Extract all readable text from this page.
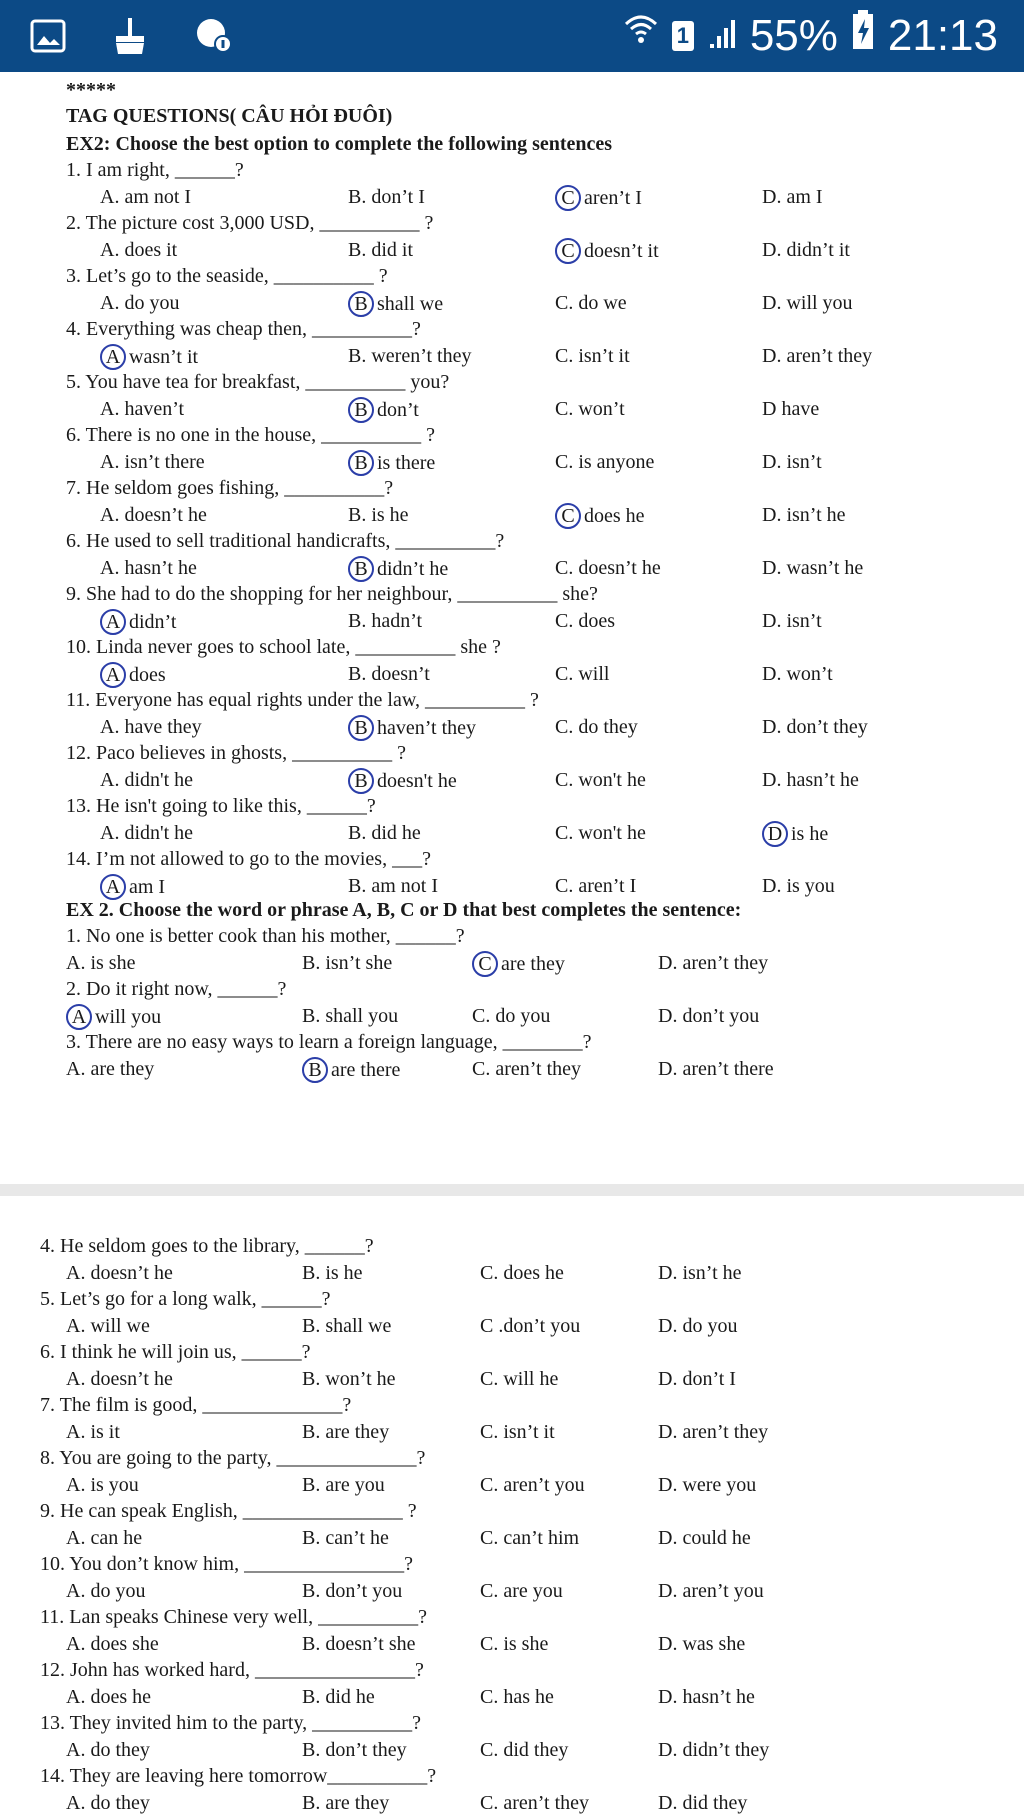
1 55% 21:13
*****
TAG QUESTIONS( CÂU HỎI ĐUÔI)
EX2: Choose the best option to complete the following sentences
1. I am right, ______?
A. am not I	B. don’t I	C aren’t I	D. am I
2. The picture cost 3,000 USD, __________ ?
A. does it	B. did it	C doesn’t it	D. didn’t it
3. Let’s go to the seaside, __________ ?
A. do you	B shall we	C. do we	D. will you
4. Everything was cheap then, __________?
A wasn’t it	B. weren’t they	C. isn’t it	D. aren’t they
5. You have tea for breakfast, __________ you?
A. haven’t	B don’t	C. won’t	D have
6. There is no one in the house, __________ ?
A. isn’t there	B is there	C. is anyone	D. isn’t
7. He seldom goes fishing, __________?
A. doesn’t he	B. is he	C does he	D. isn’t he
6. He used to sell traditional handicrafts, __________?
A. hasn’t he	B didn’t he	C. doesn’t he	D. wasn’t he
9. She had to do the shopping for her neighbour, __________ she?
A didn’t	B. hadn’t	C. does	D. isn’t
10. Linda never goes to school late, __________ she ?
A does	B. doesn’t	C. will	D. won’t
11. Everyone has equal rights under the law, __________ ?
A. have they	B haven’t they	C. do they	D. don’t they
12. Paco believes in ghosts, __________ ?
A. didn't he	B doesn't he	C. won't he	D. hasn’t he
13. He isn't going to like this, ______?
A. didn't he	B. did he	C. won't he	D is he
14. I’m not allowed to go to the movies, ___?
A am I	B. am not I	C. aren’t I	D. is you
EX 2. Choose the word or phrase A, B, C or D that best completes the sentence:
1. No one is better cook than his mother, ______?
A. is she	B. isn’t she	C are they	D. aren’t they
2. Do it right now, ______?
A will you	B. shall you	C. do you	D. don’t you
3. There are no easy ways to learn a foreign language, ________?
A. are they	B are there	C. aren’t they	D. aren’t there
4. He seldom goes to the library, ______?
A. doesn’t he	B. is he	C. does he	D. isn’t he
5. Let’s go for a long walk, ______?
A. will we	B. shall we	C .don’t you	D. do you
6. I think he will join us, ______?
A. doesn’t he	B. won’t he	C. will he	D. don’t I
7. The film is good, ______________?
A. is it	B. are they	C. isn’t it	D. aren’t they
8. You are going to the party, ______________?
A. is you	B. are you	C. aren’t you	D. were you
9. He can speak English, ________________ ?
A. can he	B. can’t he	C. can’t him	D. could he
10. You don’t know him, ________________?
A. do you	B. don’t you	C. are you	D. aren’t you
11. Lan speaks Chinese very well, __________?
A. does she	B. doesn’t she	C. is she	D. was she
12. John has worked hard, ________________?
A. does he	B. did he	C. has he	D. hasn’t he
13. They invited him to the party, __________?
A. do they	B. don’t they	C. did they	D. didn’t they
14. They are leaving here tomorrow__________?
A. do they	B. are they	C. aren’t they	D. did they
